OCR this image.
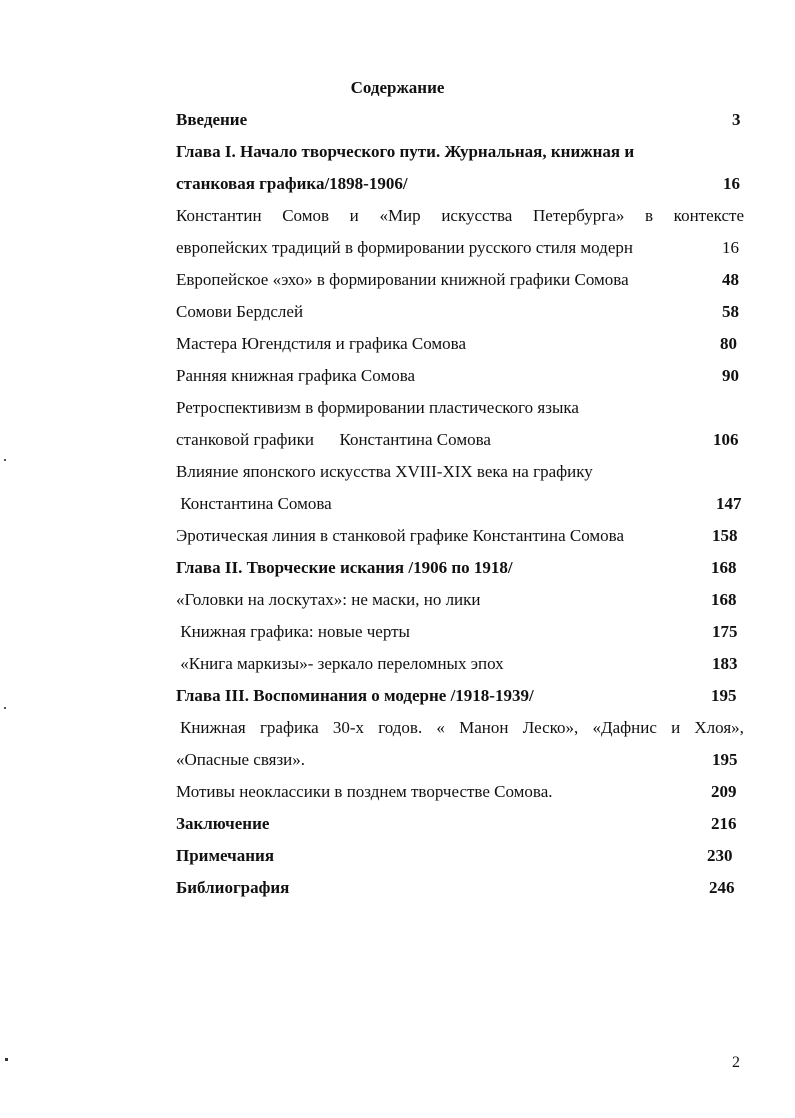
Содержание
Введение	3
Глава I. Начало творческого пути. Журнальная, книжная и
станковая графика/1898-1906/	16
Константин Сомов и «Мир искусства Петербурга» в контексте
европейских традиций в формировании русского стиля модерн	16
Европейское «эхо» в формировании книжной графики Сомова	48
Сомови Бердслей	58
Мастера Югендстиля и графика Сомова	80
Ранняя книжная графика Сомова	90
Ретроспективизм в формировании пластического языка
станковой графики      Константина Сомова	106
Влияние японского искусства XVIII-XIX века на графику
Константина Сомова	147
Эротическая линия в станковой графике Константина Сомова	158
Глава II. Творческие искания /1906 по 1918/	168
«Головки на лоскутах»: не маски, но лики	168
Книжная графика: новые черты	175
«Книга маркизы»- зеркало переломных эпох	183
Глава III. Воспоминания о модерне /1918-1939/	195
Книжная графика 30-х годов. « Манон Леско», «Дафнис и Хлоя»,
«Опасные связи».	195
Мотивы неоклассики в позднем творчестве Сомова.	209
Заключение	216
Примечания	230
Библиография	246
2
